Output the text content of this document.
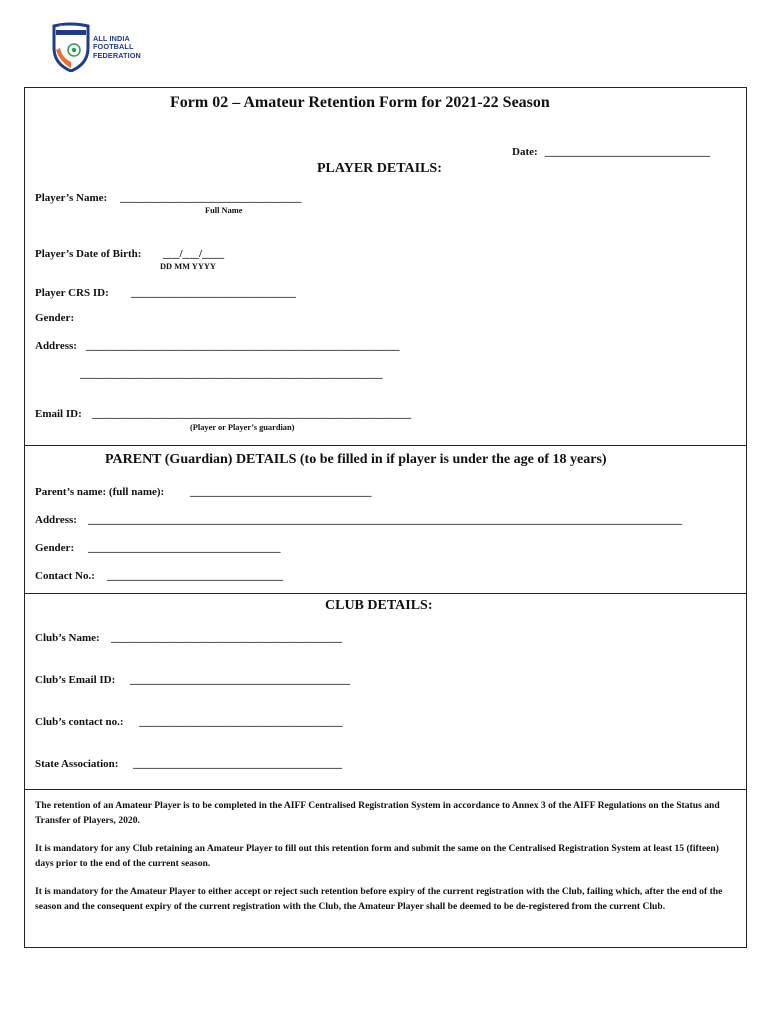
INDIA
ALL INDIA
FOOTBALL
FEDERATION
Form 02 – Amateur Retention Form for 2021-22 Season
Date: ______________________________
PLAYER DETAILS:
Player’s Name: _________________________________
Full Name
Player’s Date of Birth: ___/___/____
DD MM YYYY
Player CRS ID: ______________________________
Gender:
Address: _________________________________________________________
_______________________________________________________
Email ID: __________________________________________________________
(Player or Player’s guardian)
PARENT (Guardian) DETAILS (to be filled in if player is under the age of 18 years)
Parent’s name: (full name): _________________________________
Address: ____________________________________________________________________________________________________________
Gender: ___________________________________
Contact No.: ________________________________
CLUB DETAILS:
Club’s Name: __________________________________________
Club’s Email ID: ________________________________________
Club’s contact no.: _____________________________________
State Association: ______________________________________

The retention of an Amateur Player is to be completed in the AIFF Centralised Registration System in accordance to Annex 3 of the AIFF Regulations on the Status and Transfer of Players, 2020.

It is mandatory for any Club retaining an Amateur Player to fill out this retention form and submit the same on the Centralised Registration System at least 15 (fifteen) days prior to the end of the current season.

It is mandatory for the Amateur Player to either accept or reject such retention before expiry of the current registration with the Club, failing which, after the end of the season and the consequent expiry of the current registration with the Club, the Amateur Player shall be deemed to be de-registered from the current Club.
